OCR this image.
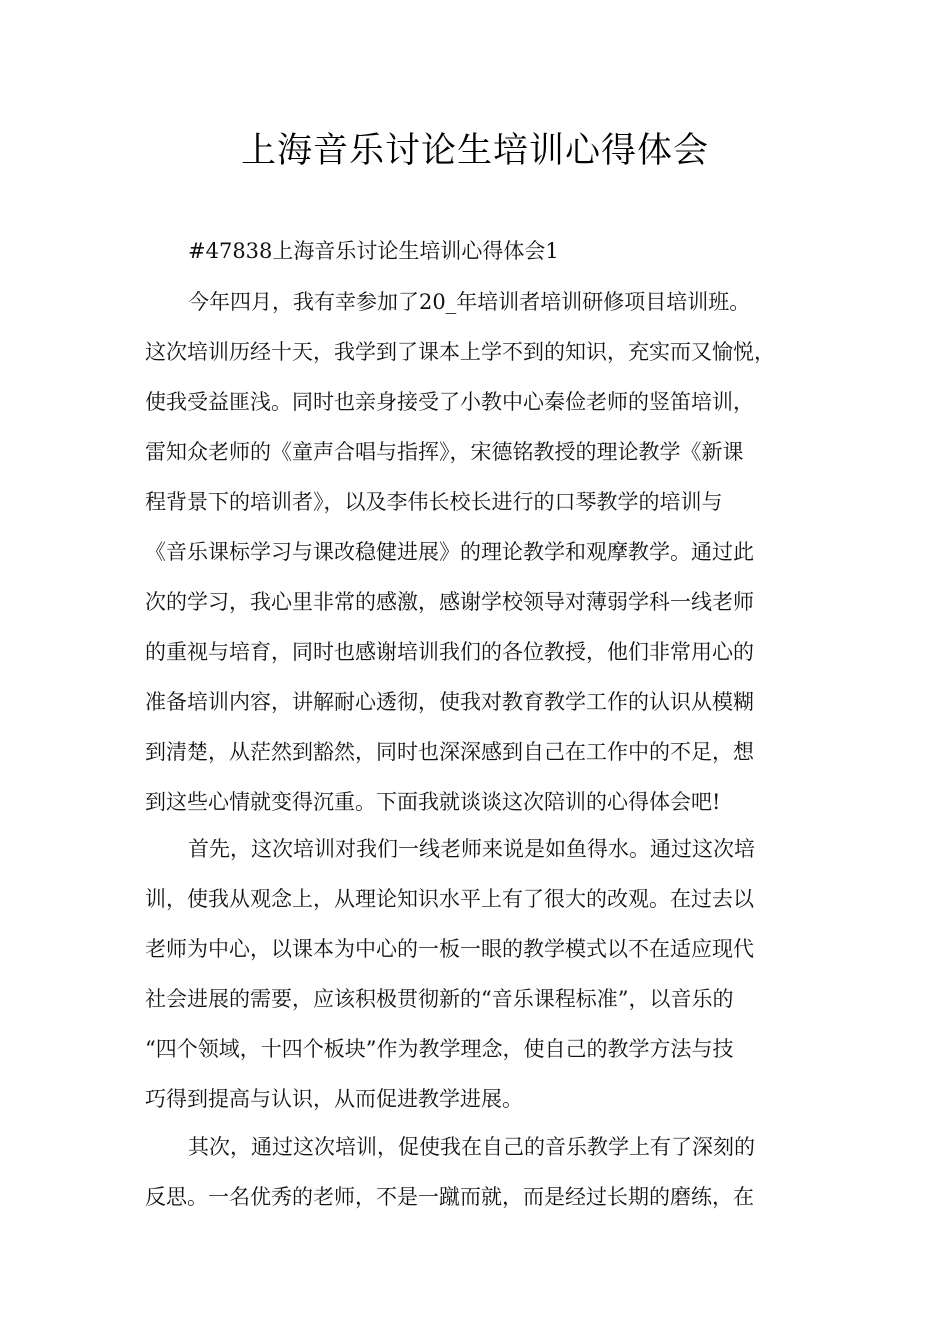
上海音乐讨论生培训心得体会
#47838上海音乐讨论生培训心得体会1
今年四月，我有幸参加了20_年培训者培训研修项目培训班。
这次培训历经十天，我学到了课本上学不到的知识，充实而又愉悦，
使我受益匪浅。同时也亲身接受了小教中心秦俭老师的竖笛培训，
雷知众老师的《童声合唱与指挥》，宋德铭教授的理论教学《新课
程背景下的培训者》，以及李伟长校长进行的口琴教学的培训与
《音乐课标学习与课改稳健进展》的理论教学和观摩教学。通过此
次的学习，我心里非常的感激，感谢学校领导对薄弱学科一线老师
的重视与培育，同时也感谢培训我们的各位教授，他们非常用心的
准备培训内容，讲解耐心透彻，使我对教育教学工作的认识从模糊
到清楚，从茫然到豁然，同时也深深感到自己在工作中的不足，想
到这些心情就变得沉重。下面我就谈谈这次陪训的心得体会吧!
首先，这次培训对我们一线老师来说是如鱼得水。通过这次培
训，使我从观念上，从理论知识水平上有了很大的改观。在过去以
老师为中心，以课本为中心的一板一眼的教学模式以不在适应现代
社会进展的需要，应该积极贯彻新的“音乐课程标准”，以音乐的
“四个领域，十四个板块”作为教学理念，使自己的教学方法与技
巧得到提高与认识，从而促进教学进展。
其次，通过这次培训，促使我在自己的音乐教学上有了深刻的
反思。一名优秀的老师，不是一蹴而就，而是经过长期的磨练，在
